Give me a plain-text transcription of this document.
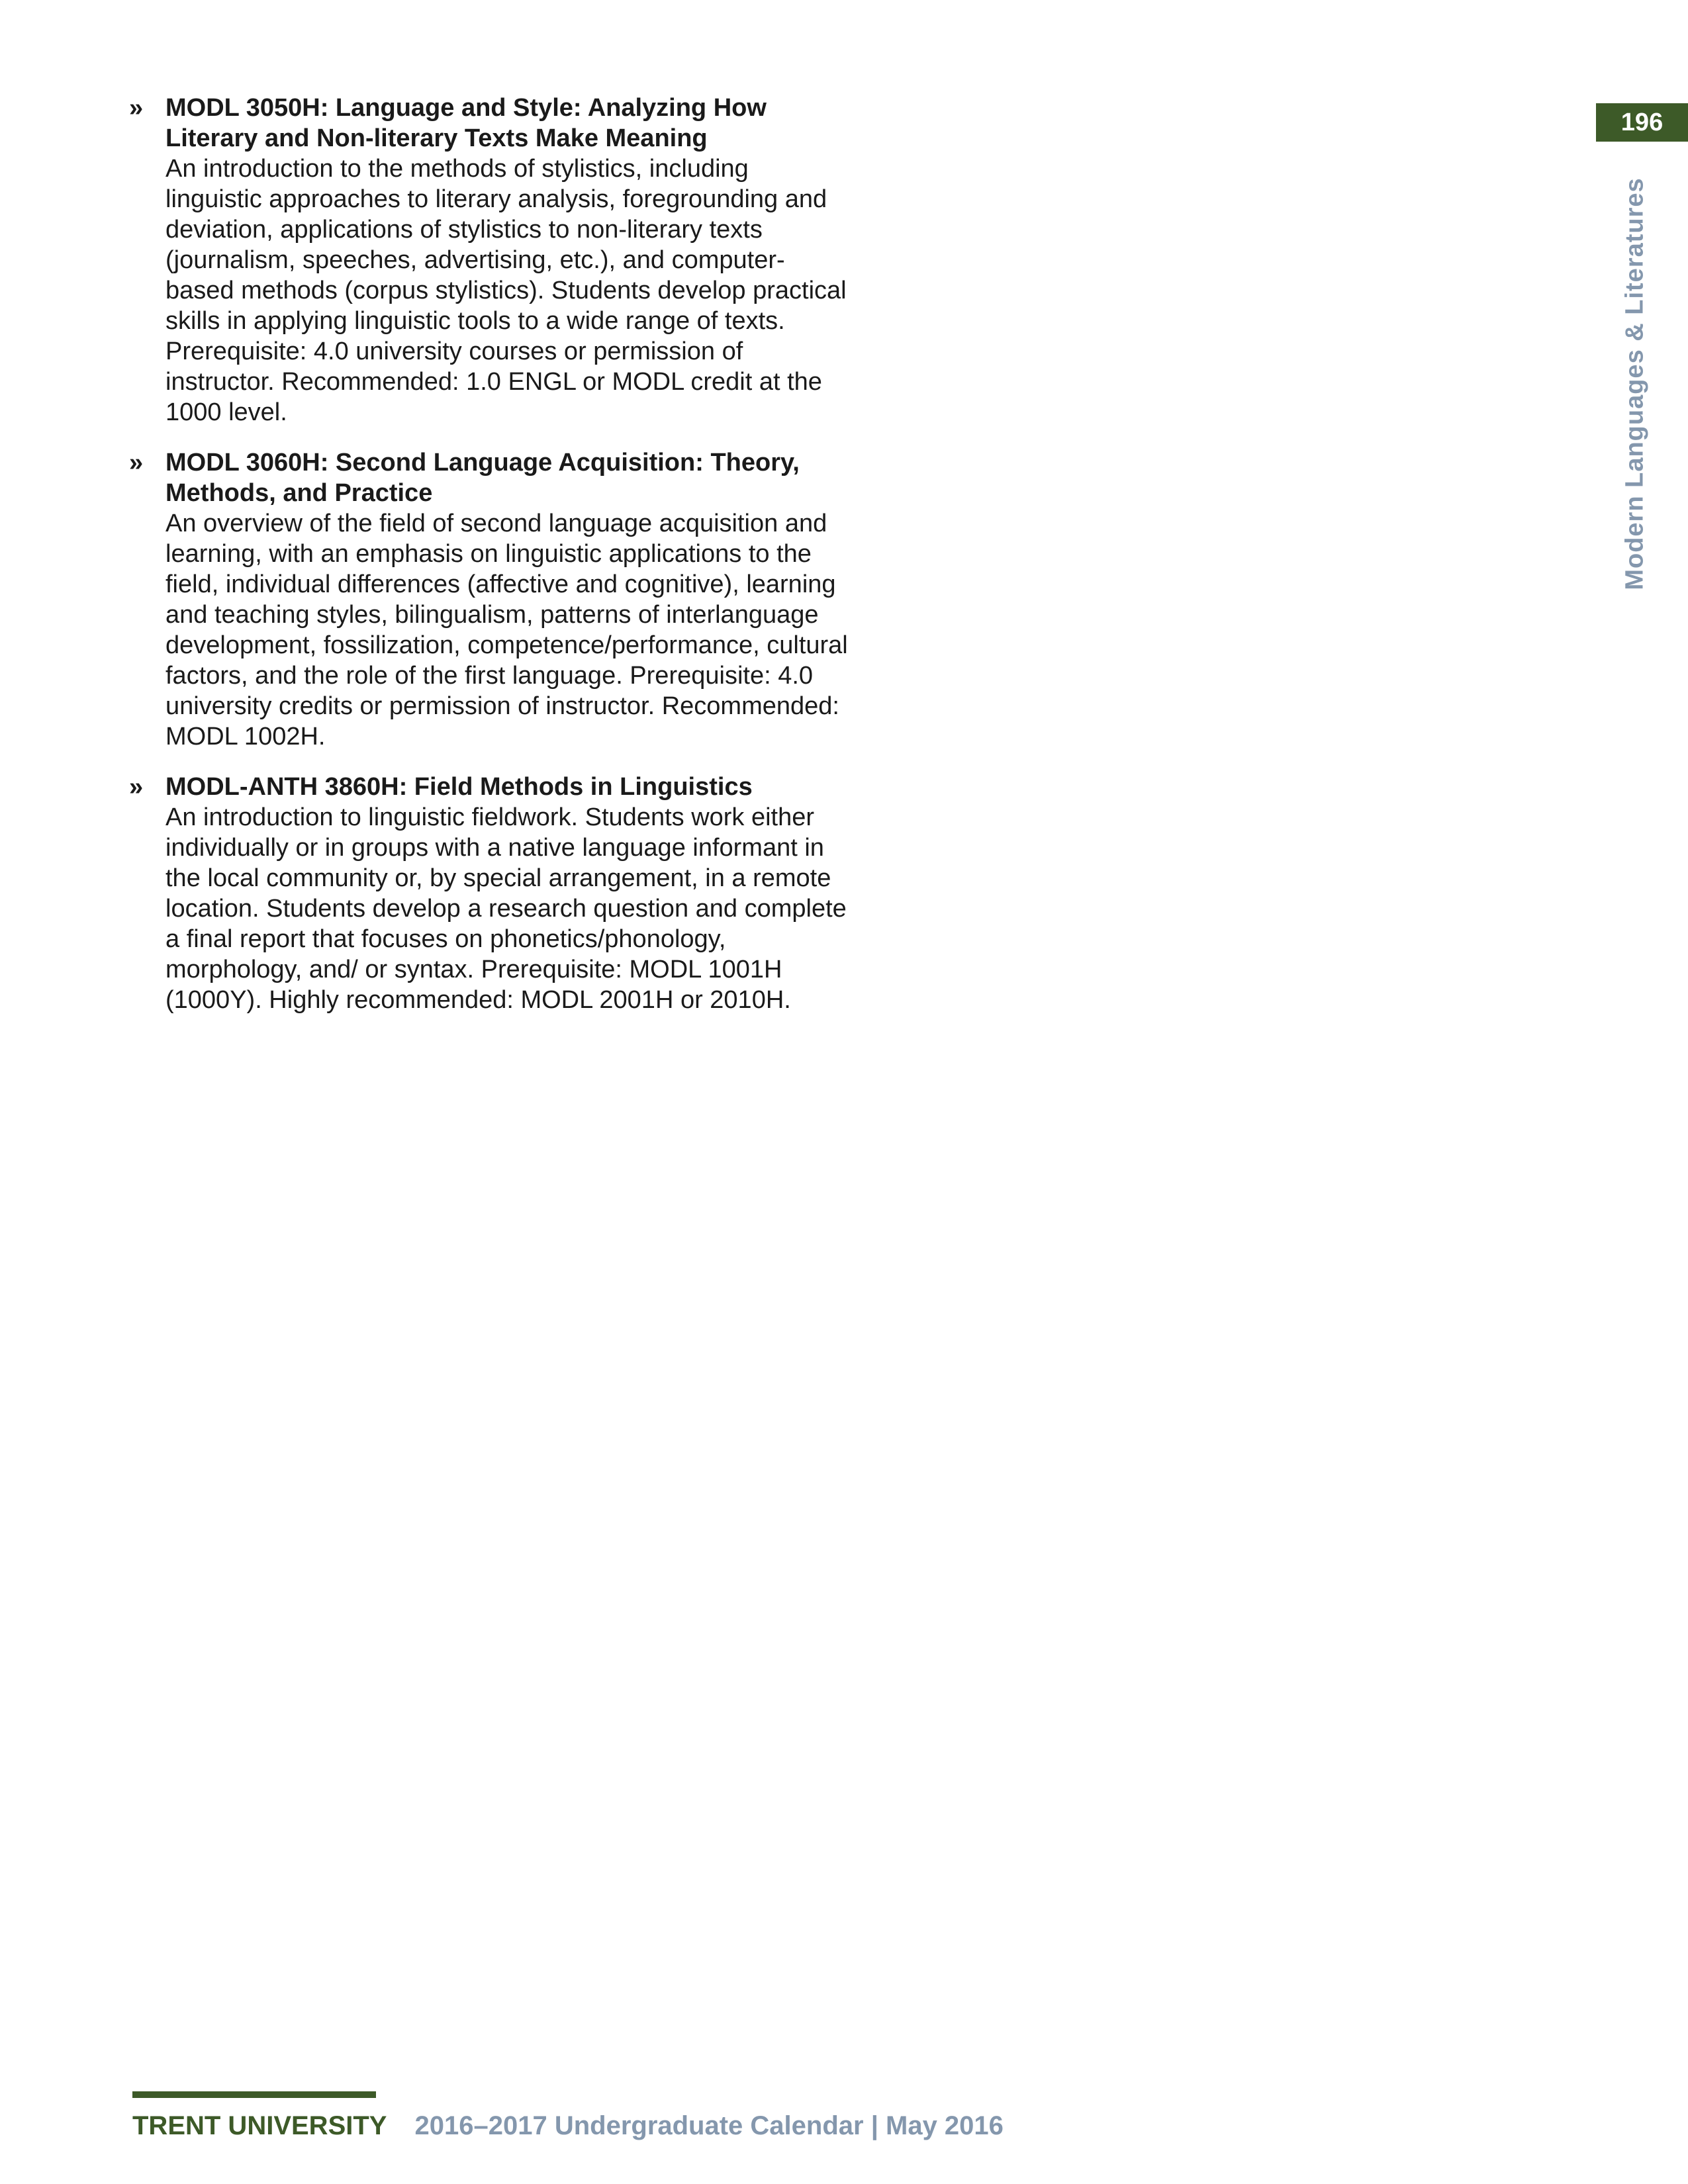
196
Modern Languages & Literatures
» MODL 3050H: Language and Style: Analyzing How Literary and Non-literary Texts Make Meaning
An introduction to the methods of stylistics, including linguistic approaches to literary analysis, foregrounding and deviation, applications of stylistics to non-literary texts (journalism, speeches, advertising, etc.), and computer-based methods (corpus stylistics). Students develop practical skills in applying linguistic tools to a wide range of texts. Prerequisite: 4.0 university courses or permission of instructor. Recommended: 1.0 ENGL or MODL credit at the 1000 level.
» MODL 3060H: Second Language Acquisition: Theory, Methods, and Practice
An overview of the field of second language acquisition and learning, with an emphasis on linguistic applications to the field, individual differences (affective and cognitive), learning and teaching styles, bilingualism, patterns of interlanguage development, fossilization, competence/performance, cultural factors, and the role of the first language. Prerequisite: 4.0 university credits or permission of instructor. Recommended: MODL 1002H.
» MODL-ANTH 3860H: Field Methods in Linguistics
An introduction to linguistic fieldwork. Students work either individually or in groups with a native language informant in the local community or, by special arrangement, in a remote location. Students develop a research question and complete a final report that focuses on phonetics/phonology, morphology, and/ or syntax. Prerequisite: MODL 1001H (1000Y). Highly recommended: MODL 2001H or 2010H.
TRENT UNIVERSITY 2016–2017 Undergraduate Calendar | May 2016
